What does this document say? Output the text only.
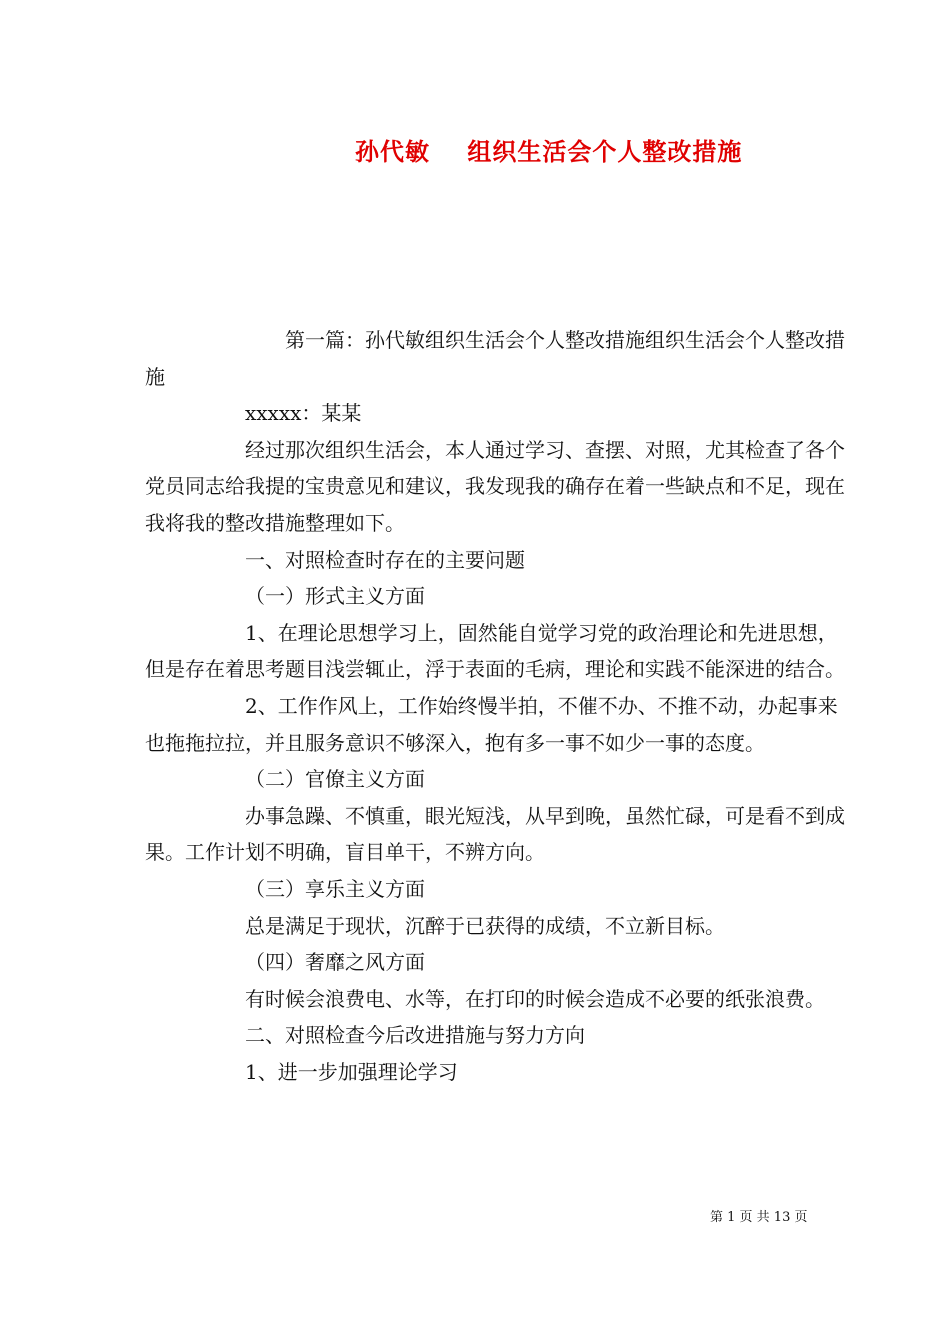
孙代敏    组织生活会个人整改措施

第一篇：孙代敏组织生活会个人整改措施组织生活会个人整改措施

xxxxx：某某

经过那次组织生活会，本人通过学习、查摆、对照，尤其检查了各个党员同志给我提的宝贵意见和建议，我发现我的确存在着一些缺点和不足，现在我将我的整改措施整理如下。

一、对照检查时存在的主要问题

（一）形式主义方面

1、在理论思想学习上，固然能自觉学习党的政治理论和先进思想，但是存在着思考题目浅尝辄止，浮于表面的毛病，理论和实践不能深进的结合。

2、工作作风上，工作始终慢半拍，不催不办、不推不动，办起事来也拖拖拉拉，并且服务意识不够深入，抱有多一事不如少一事的态度。

（二）官僚主义方面

办事急躁、不慎重，眼光短浅，从早到晚，虽然忙碌，可是看不到成果。工作计划不明确，盲目单干，不辨方向。

（三）享乐主义方面

总是满足于现状，沉醉于已获得的成绩，不立新目标。

（四）奢靡之风方面

有时候会浪费电、水等，在打印的时候会造成不必要的纸张浪费。

二、对照检查今后改进措施与努力方向

1、进一步加强理论学习

第 1 页 共 13 页
